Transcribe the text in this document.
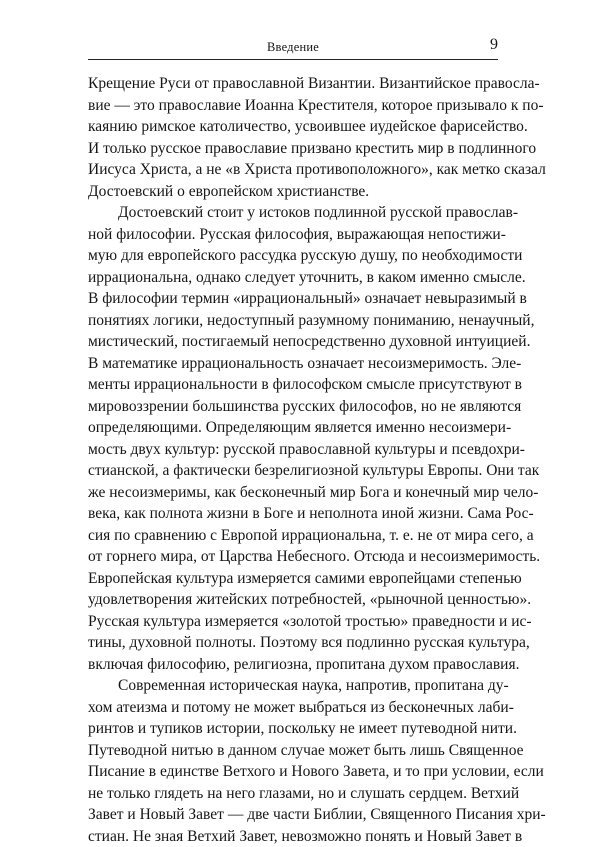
Введение	9
Крещение Руси от православной Византии. Византийское правосла-
вие — это православие Иоанна Крестителя, которое призывало к по-
каянию римское католичество, усвоившее иудейское фарисейство.
И только русское православие призвано крестить мир в подлинного
Иисуса Христа, а не «в Христа противоположного», как метко сказал
Достоевский о европейском христианстве.
Достоевский стоит у истоков подлинной русской православ-
ной философии. Русская философия, выражающая непостижи-
мую для европейского рассудка русскую душу, по необходимости
иррациональна, однако следует уточнить, в каком именно смысле.
В философии термин «иррациональный» означает невыразимый в
понятиях логики, недоступный разумному пониманию, ненаучный,
мистический, постигаемый непосредственно духовной интуицией.
В математике иррациональность означает несоизмеримость. Эле-
менты иррациональности в философском смысле присутствуют в
мировоззрении большинства русских философов, но не являются
определяющими. Определяющим является именно несоизмери-
мость двух культур: русской православной культуры и псевдохри-
стианской, а фактически безрелигиозной культуры Европы. Они так
же несоизмеримы, как бесконечный мир Бога и конечный мир чело-
века, как полнота жизни в Боге и неполнота иной жизни. Сама Рос-
сия по сравнению с Европой иррациональна, т. е. не от мира сего, а
от горнего мира, от Царства Небесного. Отсюда и несоизмеримость.
Европейская культура измеряется самими европейцами степенью
удовлетворения житейских потребностей, «рыночной ценностью».
Русская культура измеряется «золотой тростью» праведности и ис-
тины, духовной полноты. Поэтому вся подлинно русская культура,
включая философию, религиозна, пропитана духом православия.
Современная историческая наука, напротив, пропитана ду-
хом атеизма и потому не может выбраться из бесконечных лаби-
ринтов и тупиков истории, поскольку не имеет путеводной нити.
Путеводной нитью в данном случае может быть лишь Священное
Писание в единстве Ветхого и Нового Завета, и то при условии, если
не только глядеть на него глазами, но и слушать сердцем. Ветхий
Завет и Новый Завет — две части Библии, Священного Писания хри-
стиан. Не зная Ветхий Завет, невозможно понять и Новый Завет в
